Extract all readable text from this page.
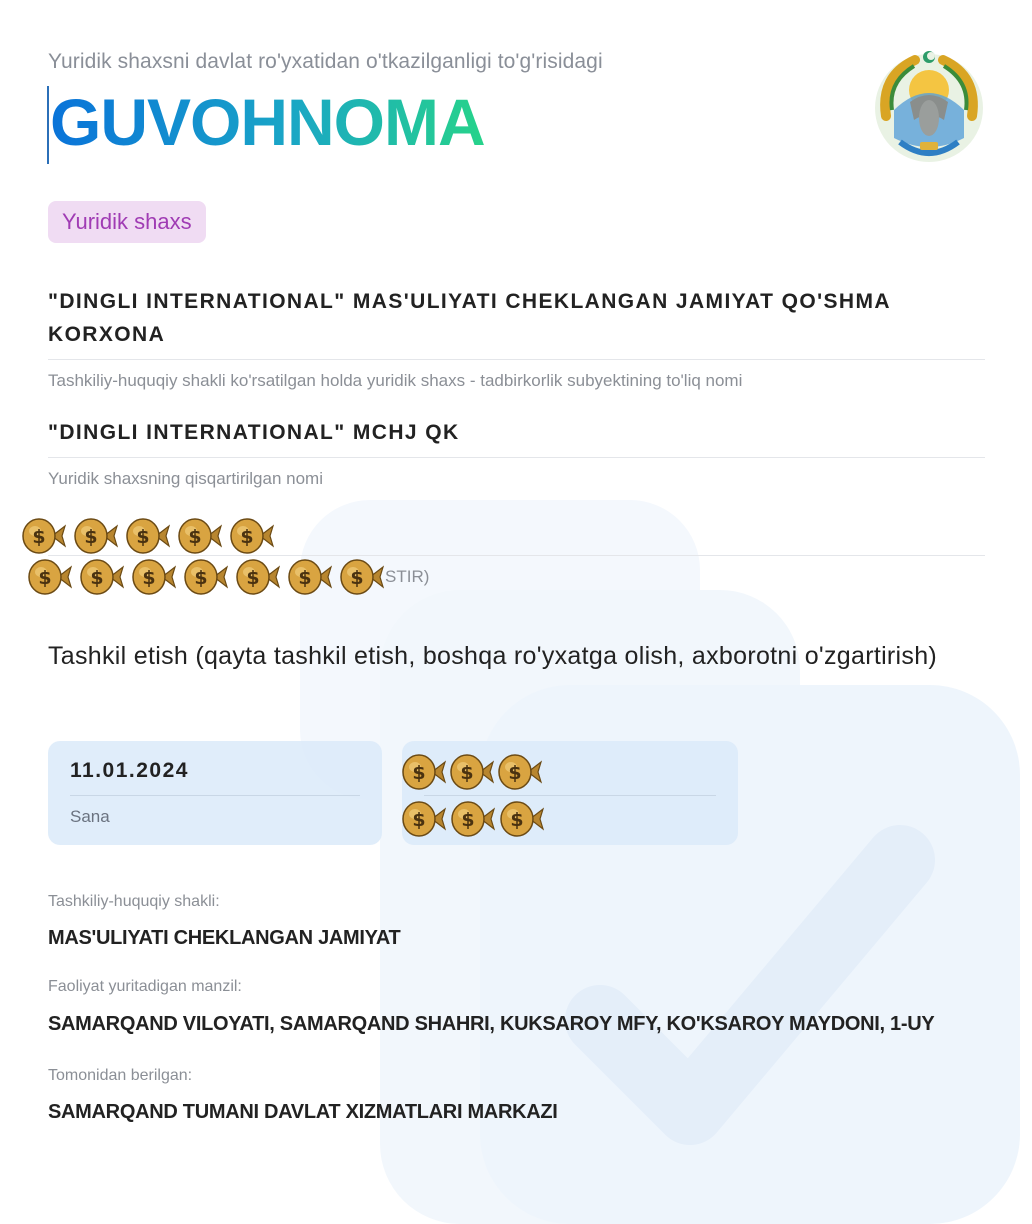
Yuridik shaxsni davlat ro'yxatidan o'tkazilganligi to'g'risidagi
GUVOHNOMA
Yuridik shaxs
"DINGLI INTERNATIONAL" MAS'ULIYATI CHEKLANGAN JAMIYAT QO'SHMA KORXONA
Tashkiliy-huquqiy shakli ko'rsatilgan holda yuridik shaxs - tadbirkorlik subyektining to'liq nomi
"DINGLI INTERNATIONAL" MCHJ QK
Yuridik shaxsning qisqartirilgan nomi
STIR)
Tashkil etish (qayta tashkil etish, boshqa ro'yxatga olish, axborotni o'zgartirish)
11.01.2024
Sana
Tashkiliy-huquqiy shakli:
MAS'ULIYATI CHEKLANGAN JAMIYAT
Faoliyat yuritadigan manzil:
SAMARQAND VILOYATI, SAMARQAND SHAHRI, KUKSAROY MFY, KO'KSAROY MAYDONI, 1-UY
Tomonidan berilgan:
SAMARQAND TUMANI DAVLAT XIZMATLARI MARKAZI
